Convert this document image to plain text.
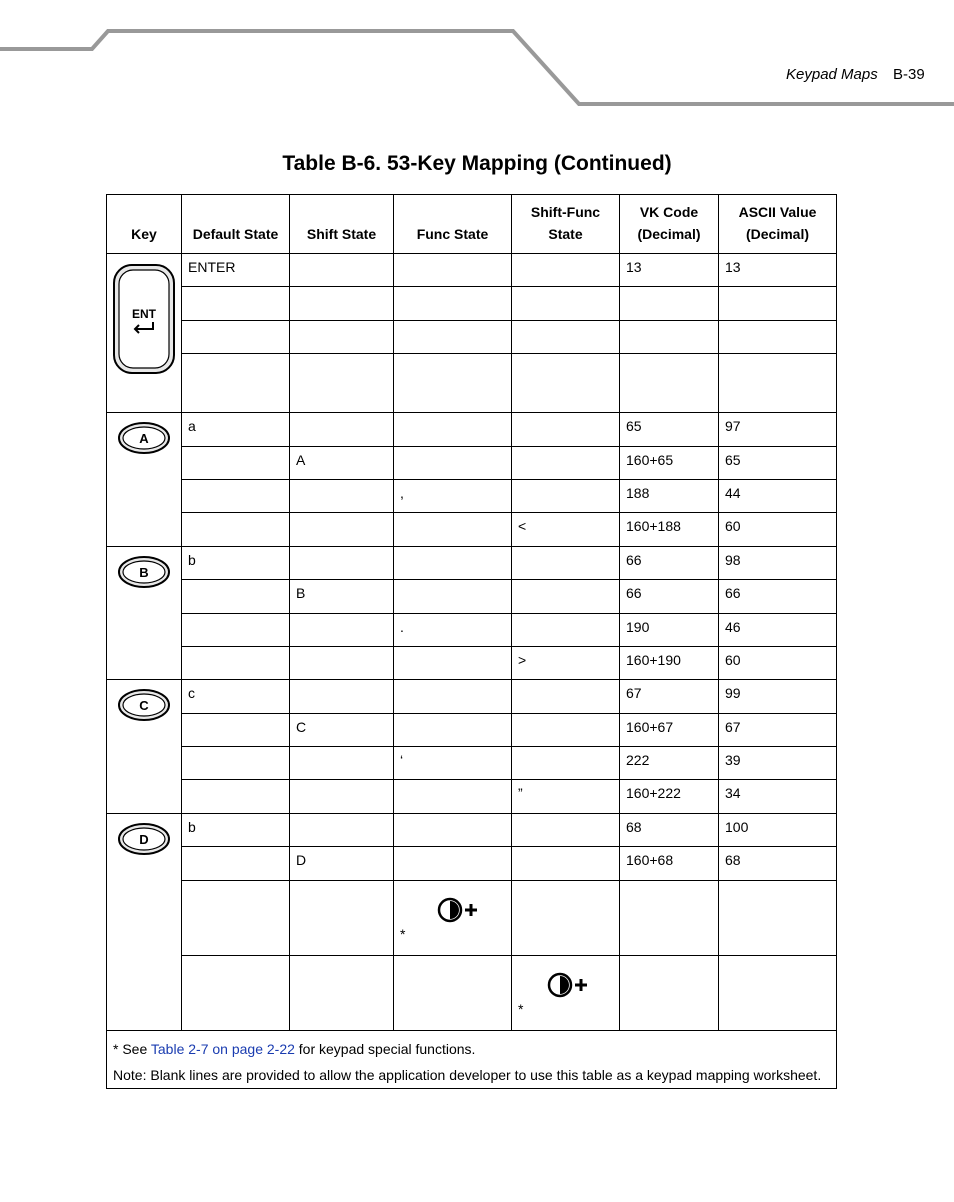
Keypad Maps B-39
Table B-6. 53-Key Mapping (Continued)
Key	Default State	Shift State	Func State	Shift-Func State	VK Code (Decimal)	ASCII Value (Decimal)

ENT	ENTER				13	13

A	a				65	97
		A			160+65	65
			,		188	44
				<	160+188	60

B	b				66	98
		B			66	66
			.		190	46
				>	160+190	60

C	c				67	99
		C			160+67	67
			‘		222	39
				”	160+222	34

D	b				68	100
		D			160+68	68

			*			

				*		

* See Table 2-7 on page 2-22 for keypad special functions.
Note: Blank lines are provided to allow the application developer to use this table as a keypad mapping worksheet.						
